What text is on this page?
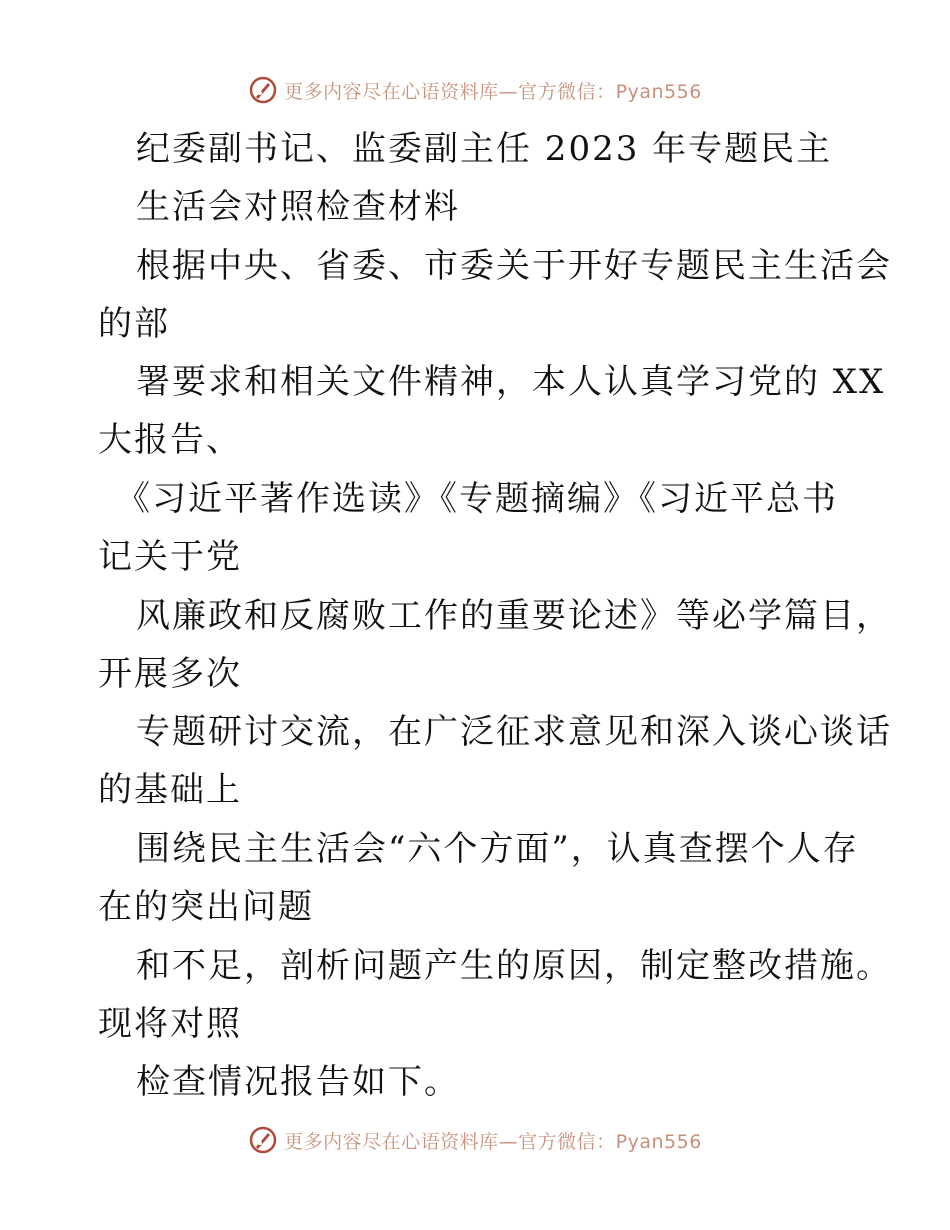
更多内容尽在心语资料库—官方微信：Pyan556
纪委副书记、监委副主任 2023 年专题民主
生活会对照检查材料
根据中央、省委、市委关于开好专题民主生活会
的部
署要求和相关文件精神，本人认真学习党的 XX
大报告、
《习近平著作选读》《专题摘编》《习近平总书
记关于党
风廉政和反腐败工作的重要论述》等必学篇目，
开展多次
专题研讨交流，在广泛征求意见和深入谈心谈话
的基础上
围绕民主生活会“六个方面”，认真查摆个人存
在的突出问题
和不足，剖析问题产生的原因，制定整改措施。
现将对照
检查情况报告如下。
更多内容尽在心语资料库—官方微信：Pyan556
